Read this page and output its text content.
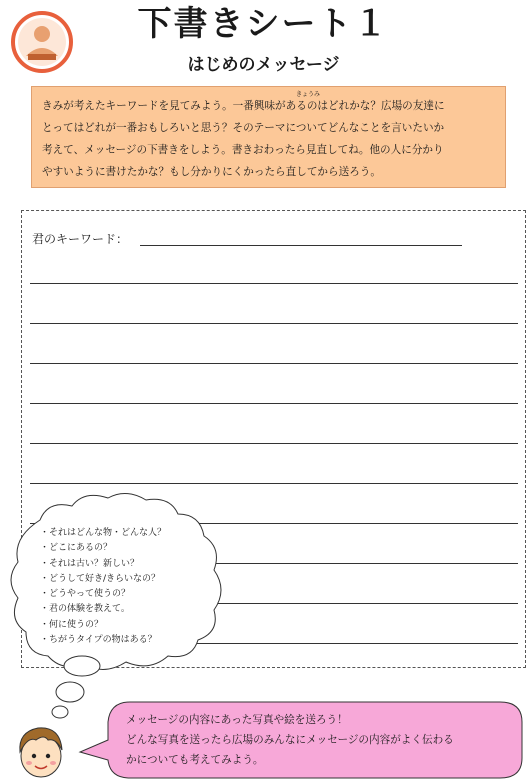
下書きシート１
はじめのメッセージ
きょうみ
きみが考えたキーワードを見てみよう。一番興味があるのはどれかな？広場の友達に
とってはどれが一番おもしろいと思う？そのテーマについてどんなことを言いたいか
考えて、メッセージの下書きをしよう。書きおわったら見直してね。他の人に分かり
やすいように書けたかな？もし分かりにくかったら直してから送ろう。
君のキーワード：
・ それはどんな物・どんな人？
・ どこにあるの？
・ それは古い？新しい？
・ どうして好き/きらいなの？
・ どうやって使うの？
・ 君の体験を教えて。
・ 何に使うの？
・ ちがうタイプの物はある？
メッセージの内容にあった写真や絵を送ろう！
どんな写真を送ったら広場のみんなにメッセージの内容がよく伝わる
かについても考えてみよう。
